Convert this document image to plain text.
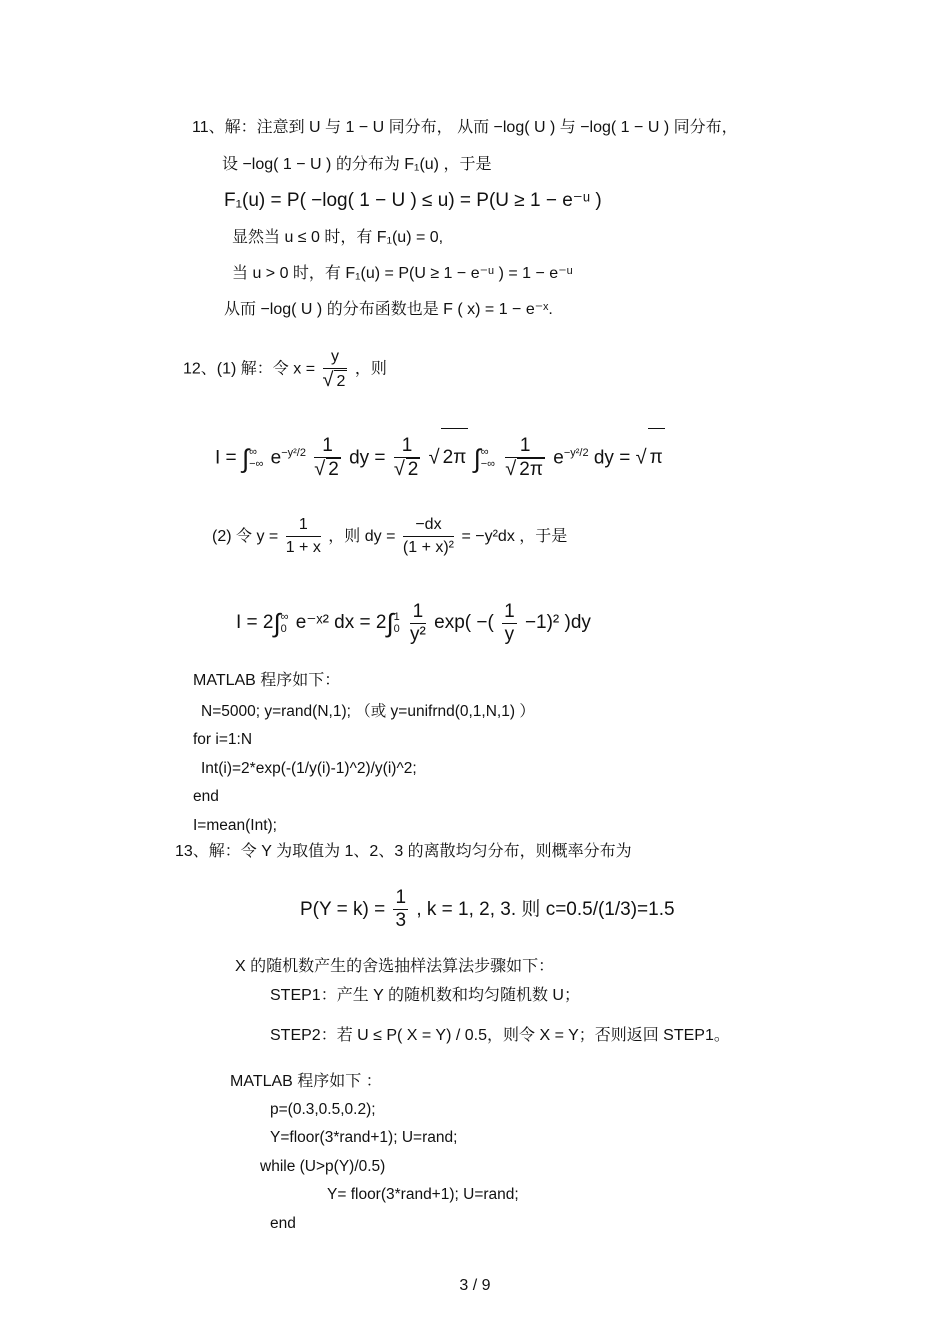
11、解：注意到 U 与 1 − U 同分布， 从而 −log( U ) 与 −log( 1 − U ) 同分布，
设 −log( 1 − U ) 的分布为 F₁(u) ，于是
F₁(u) = P( −log( 1 − U ) ≤ u) = P(U ≥ 1 − e⁻ᵘ )
显然当 u ≤ 0 时，有 F₁(u) = 0,
当 u > 0 时，有 F₁(u) = P(U ≥ 1 − e⁻ᵘ ) = 1 − e⁻ᵘ
从而 −log( U ) 的分布函数也是 F ( x) = 1 − e⁻ˣ.
12、(1) 解：令 $x = \frac{y}{√ 2}$ ，则
I = ∫ ∞
−∞ $e^{-y^2/2} \frac{1}{√ 2}$ dy = $\frac{1}{√ 2}$ √ 2π ∫ ∞
−∞
$\frac{1}{√ 2\pi} e^{-y^2/2}$ dy = √ π
(2) 令 $y = \frac{1}{1 + x}$ ，则 dy = $\frac{-dx}{\text{(1 + x)²}} = -y^2dx$ ，于是
I = 2∫ ∞
0 e⁻ˣ² dx = 2∫ 1
0
$\frac{1}{\text{y²}} \exp$( −( $\frac{1}{y} -1)^2$ )dy
MATLAB 程序如下：
N=5000; y=rand(N,1); （或 y=unifrnd(0,1,N,1) ）
for i=1:N
Int(i)=2*exp(-(1/y(i)-1)^2)/y(i)^2;
end
I=mean(Int);
13、解：令 Y 为取值为 1、2、3 的离散均匀分布，则概率分布为
$P(Y = k) = \frac{1}{3}$ , k = 1, 2, 3. 则 c=0.5/(1/3)=1.5
X 的随机数产生的舍选抽样法算法步骤如下：
STEP1：产生 Y 的随机数和均匀随机数 U；
STEP2：若 U ≤ P( X = Y) / 0.5，则令 X = Y；否则返回 STEP1。
MATLAB 程序如下 ：
p=(0.3,0.5,0.2);
Y=floor(3*rand+1); U=rand;
while (U>p(Y)/0.5)
Y= floor(3*rand+1); U=rand;
end
3 / 9
